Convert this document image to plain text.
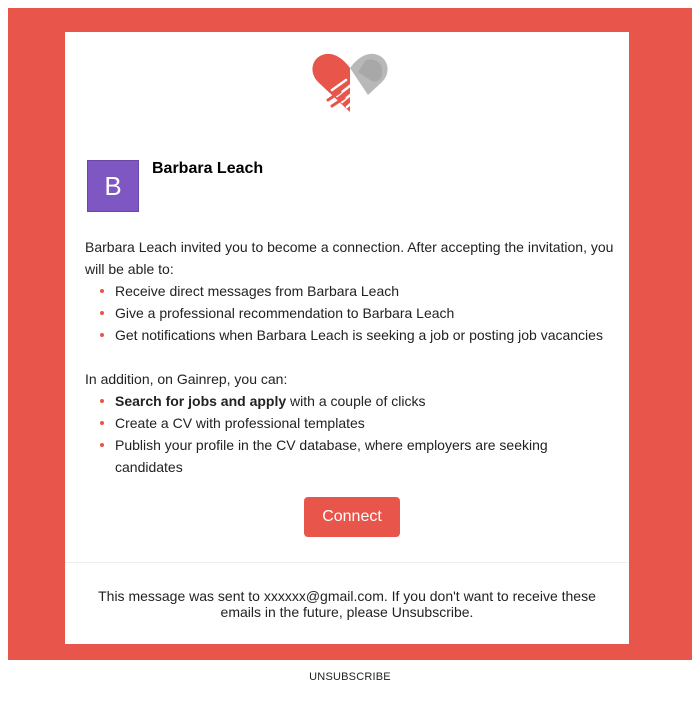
B
Barbara Leach

Barbara Leach invited you to become a connection. After accepting the invitation, you will be able to:

Receive direct messages from Barbara Leach
Give a professional recommendation to Barbara Leach
Get notifications when Barbara Leach is seeking a job or posting job vacancies

In addition, on Gainrep, you can:

Search for jobs and apply with a couple of clicks
Create a CV with professional templates
Publish your profile in the CV database, where employers are seeking candidates
Connect
This message was sent to xxxxxx@gmail.com. If you don't want to receive these emails in the future, please Unsubscribe.
UNSUBSCRIBE
